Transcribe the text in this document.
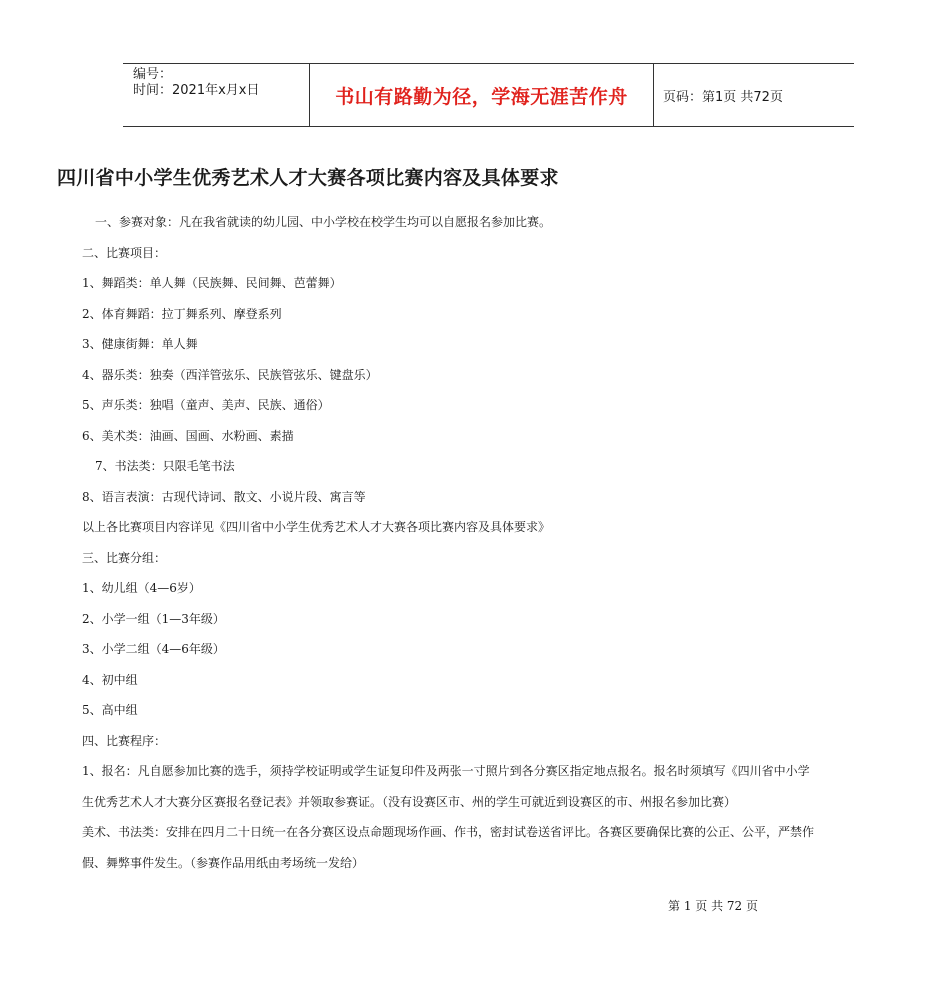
编号：
时间：2021年x月x日	书山有路勤为径，学海无涯苦作舟	页码：第1页 共72页
四川省中小学生优秀艺术人才大赛各项比赛内容及具体要求
一、参赛对象：凡在我省就读的幼儿园、中小学校在校学生均可以自愿报名参加比赛。
二、比赛项目：
1、舞蹈类：单人舞（民族舞、民间舞、芭蕾舞）
2、体育舞蹈：拉丁舞系列、摩登系列
3、健康街舞：单人舞
4、器乐类：独奏（西洋管弦乐、民族管弦乐、键盘乐）
5、声乐类：独唱（童声、美声、民族、通俗）
6、美术类：油画、国画、水粉画、素描
7、书法类：只限毛笔书法
8、语言表演：古现代诗词、散文、小说片段、寓言等
以上各比赛项目内容详见《四川省中小学生优秀艺术人才大赛各项比赛内容及具体要求》
三、比赛分组：
1、幼儿组（4—6岁）
2、小学一组（1—3年级）
3、小学二组（4—6年级）
4、初中组
5、高中组
四、比赛程序：
1、报名：凡自愿参加比赛的选手，须持学校证明或学生证复印件及两张一寸照片到各分赛区指定地点报名。报名时须填写《四川省中小学
生优秀艺术人才大赛分区赛报名登记表》并领取参赛证。（没有设赛区市、州的学生可就近到设赛区的市、州报名参加比赛）
美术、书法类：安排在四月二十日统一在各分赛区设点命题现场作画、作书，密封试卷送省评比。各赛区要确保比赛的公正、公平，严禁作
假、舞弊事件发生。（参赛作品用纸由考场统一发给）
第 1 页 共 72 页
